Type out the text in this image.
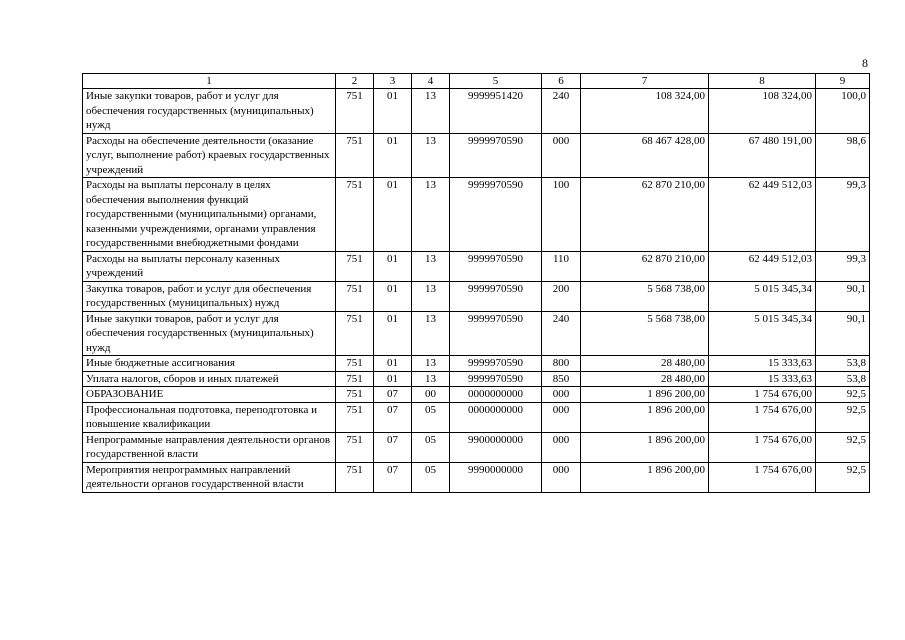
8
1	2	3	4	5	6	7	8	9
Иные закупки товаров, работ и услуг для обеспечения государственных (муниципальных) нужд	751	01	13	9999951420	240	108 324,00	108 324,00	100,0
Расходы на обеспечение деятельности (оказание услуг, выполнение работ) краевых государственных учреждений	751	01	13	9999970590	000	68 467 428,00	67 480 191,00	98,6
Расходы на выплаты персоналу в целях обеспечения выполнения функций государственными (муниципальными) органами, казенными учреждениями, органами управления государственными внебюджетными фондами	751	01	13	9999970590	100	62 870 210,00	62 449 512,03	99,3
Расходы на выплаты персоналу казенных учреждений	751	01	13	9999970590	110	62 870 210,00	62 449 512,03	99,3
Закупка товаров, работ и услуг для обеспечения государственных (муниципальных) нужд	751	01	13	9999970590	200	5 568 738,00	5 015 345,34	90,1
Иные закупки товаров, работ и услуг для обеспечения государственных (муниципальных) нужд	751	01	13	9999970590	240	5 568 738,00	5 015 345,34	90,1
Иные бюджетные ассигнования	751	01	13	9999970590	800	28 480,00	15 333,63	53,8
Уплата налогов, сборов и иных платежей	751	01	13	9999970590	850	28 480,00	15 333,63	53,8
ОБРАЗОВАНИЕ	751	07	00	0000000000	000	1 896 200,00	1 754 676,00	92,5
Профессиональная подготовка, переподготовка и повышение квалификации	751	07	05	0000000000	000	1 896 200,00	1 754 676,00	92,5
Непрограммные направления деятельности органов государственной власти	751	07	05	9900000000	000	1 896 200,00	1 754 676,00	92,5
Мероприятия непрограммных направлений деятельности органов государственной власти	751	07	05	9990000000	000	1 896 200,00	1 754 676,00	92,5
